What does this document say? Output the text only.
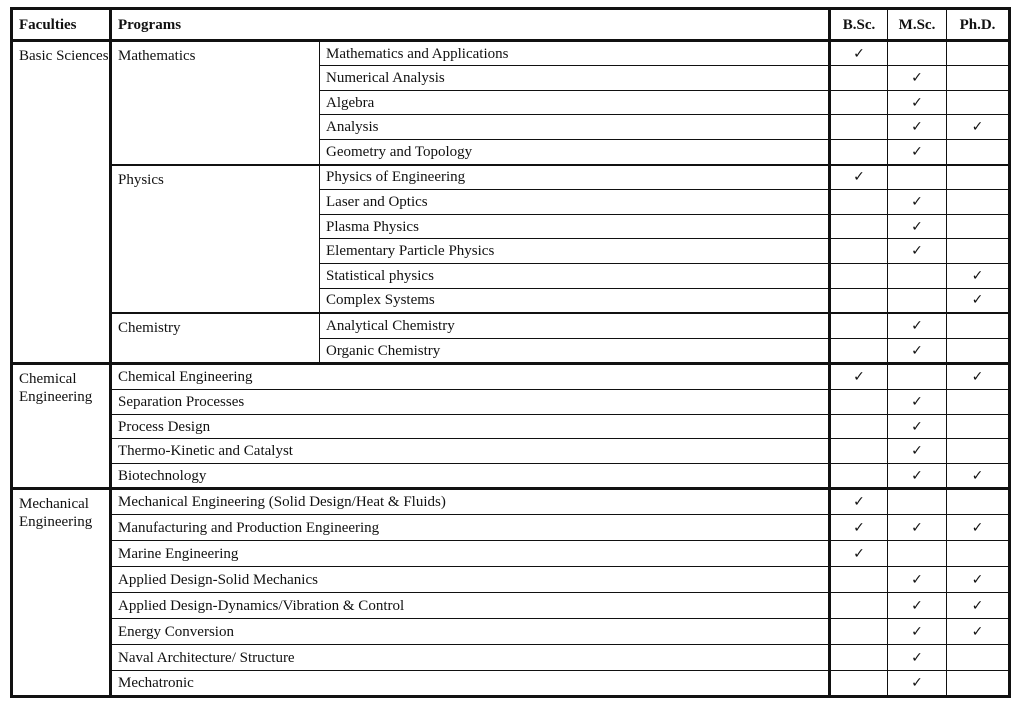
Faculties	Programs		B.Sc.	M.Sc.	Ph.D.
Basic Sciences	Mathematics	Mathematics and Applications	✓		
		Numerical Analysis		✓	
		Algebra		✓	
		Analysis		✓	✓
		Geometry and Topology		✓	
	Physics	Physics of Engineering	✓		
		Laser and Optics		✓	
		Plasma Physics		✓	
		Elementary Particle Physics		✓	
		Statistical physics			✓
		Complex Systems			✓
	Chemistry	Analytical Chemistry		✓	
		Organic Chemistry		✓	
Chemical Engineering	Chemical Engineering		✓		✓
	Separation Processes			✓	
	Process Design			✓	
	Thermo-Kinetic and Catalyst			✓	
	Biotechnology			✓	✓
Mechanical Engineering	Mechanical Engineering (Solid Design/Heat & Fluids)		✓		
	Manufacturing and Production Engineering		✓	✓	✓
	Marine Engineering		✓		
	Applied Design-Solid Mechanics			✓	✓
	Applied Design-Dynamics/Vibration & Control			✓	✓
	Energy Conversion			✓	✓
	Naval Architecture/ Structure			✓	
	Mechatronic			✓	
